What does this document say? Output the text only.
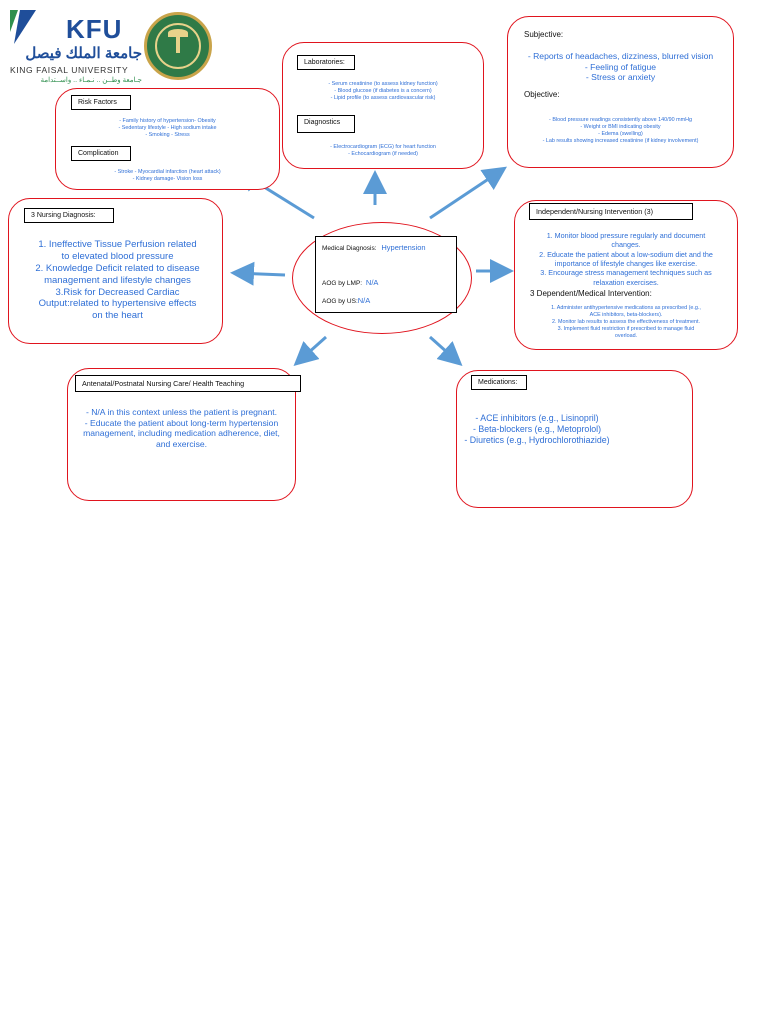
KFU
جامعة الملك فيصل
KING FAISAL UNIVERSITY
جـامعة وطــن .. نـمـاء .. واســتدامة
Risk Factors
- Family history of hypertension- Obesity
- Sedentary lifestyle - High sodium intake
- Smoking - Stress
Complication
- Stroke - Myocardial infarction (heart attack)
- Kidney damage- Vision loss
Laboratories:
- Serum creatinine (to assess kidney function)
- Blood glucose (if diabetes is a concern)
- Lipid profile (to assess cardiovascular risk)
Diagnostics
- Electrocardiogram (ECG) for heart function
- Echocardiogram (if needed)
Subjective:
- Reports of headaches, dizziness, blurred vision
- Feeling of fatigue
- Stress or anxiety
Objective:
- Blood pressure readings consistently above 140/90 mmHg
- Weight or BMI indicating obesity
- Edema (swelling)
- Lab results showing increased creatinine (if kidney involvement)
3 Nursing Diagnosis:
1. Ineffective Tissue Perfusion related
to elevated blood pressure
2. Knowledge Deficit related to disease
management and lifestyle changes
3.Risk for Decreased Cardiac
Output:related to hypertensive effects
on the heart
Medical Diagnosis: Hypertension
AOG by LMP: N/A
AOG by US:N/A
Independent/Nursing Intervention (3)
1. Monitor blood pressure regularly and document
changes.
2. Educate the patient about a low-sodium diet and the
importance of lifestyle changes like exercise.
3. Encourage stress management techniques such as
relaxation exercises.
3 Dependent/Medical Intervention:
1. Administer antihypertensive medications as prescribed (e.g.,
ACE inhibitors, beta-blockers).
2. Monitor lab results to assess the effectiveness of treatment.
3. Implement fluid restriction if prescribed to manage fluid
overload.
Antenatal/Postnatal Nursing Care/ Health Teaching
- N/A in this context unless the patient is pregnant.
- Educate the patient about long-term hypertension
management, including medication adherence, diet,
and exercise.
Medications:
- ACE inhibitors (e.g., Lisinopril)
- Beta-blockers (e.g., Metoprolol)
- Diuretics (e.g., Hydrochlorothiazide)
